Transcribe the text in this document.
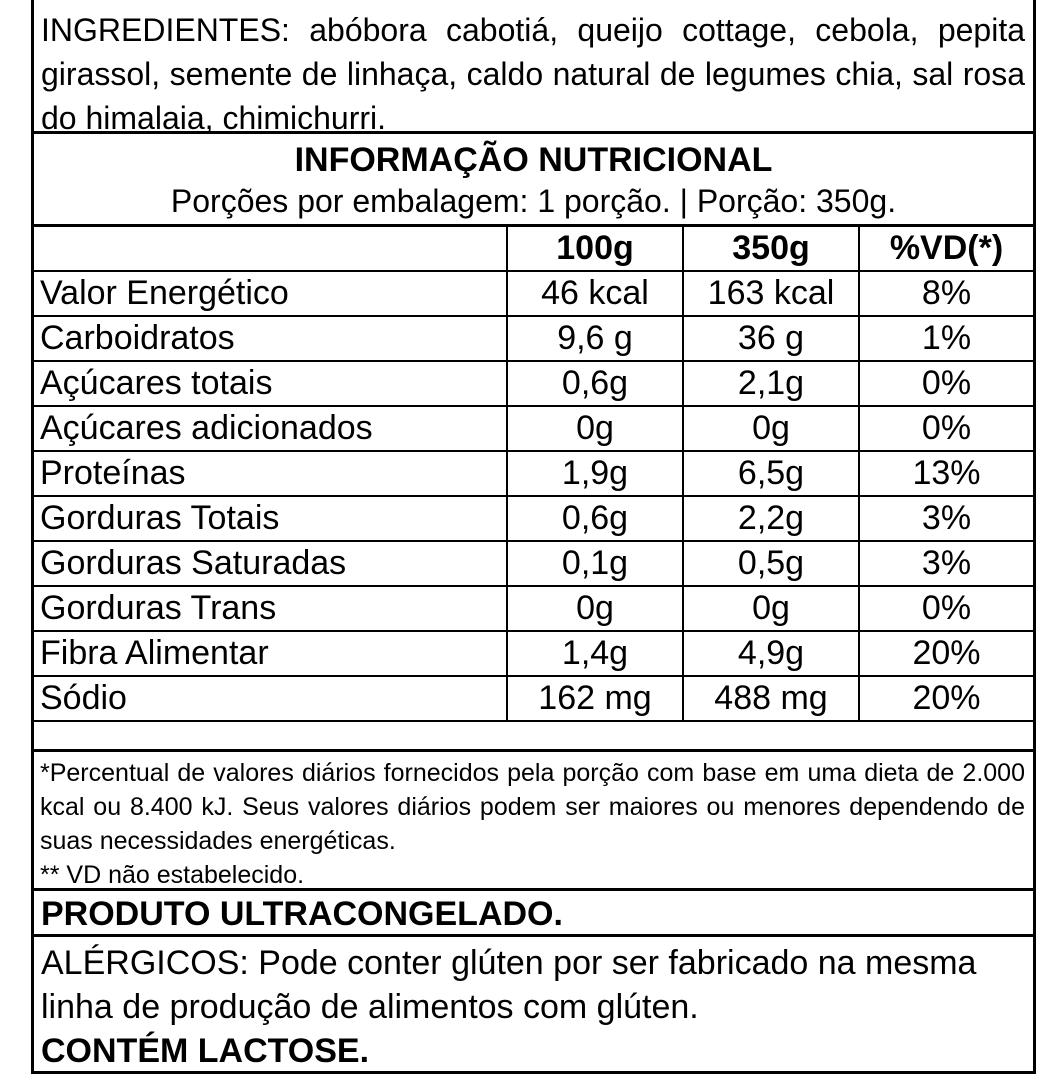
INGREDIENTES: abóbora cabotiá, queijo cottage, cebola, pepita girassol, semente de linhaça, caldo natural de legumes chia, sal rosa do himalaia, chimichurri.
INFORMAÇÃO NUTRICIONAL
Porções por embalagem: 1 porção. | Porção: 350g.
	100g	350g	%VD(*)
Valor Energético	46 kcal	163 kcal	8%
Carboidratos	9,6 g	36 g	1%
Açúcares totais	0,6g	2,1g	0%
Açúcares adicionados	0g	0g	0%
Proteínas	1,9g	6,5g	13%
Gorduras Totais	0,6g	2,2g	3%
Gorduras Saturadas	0,1g	0,5g	3%
Gorduras Trans	0g	0g	0%
Fibra Alimentar	1,4g	4,9g	20%
Sódio	162 mg	488 mg	20%

*Percentual de valores diários fornecidos pela porção com base em uma dieta de 2.000 kcal ou 8.400 kJ. Seus valores diários podem ser maiores ou menores dependendo de suas necessidades energéticas.

** VD não estabelecido.

PRODUTO ULTRACONGELADO.

ALÉRGICOS: Pode conter glúten por ser fabricado na mesma linha de produção de alimentos com glúten.

CONTÉM LACTOSE.
